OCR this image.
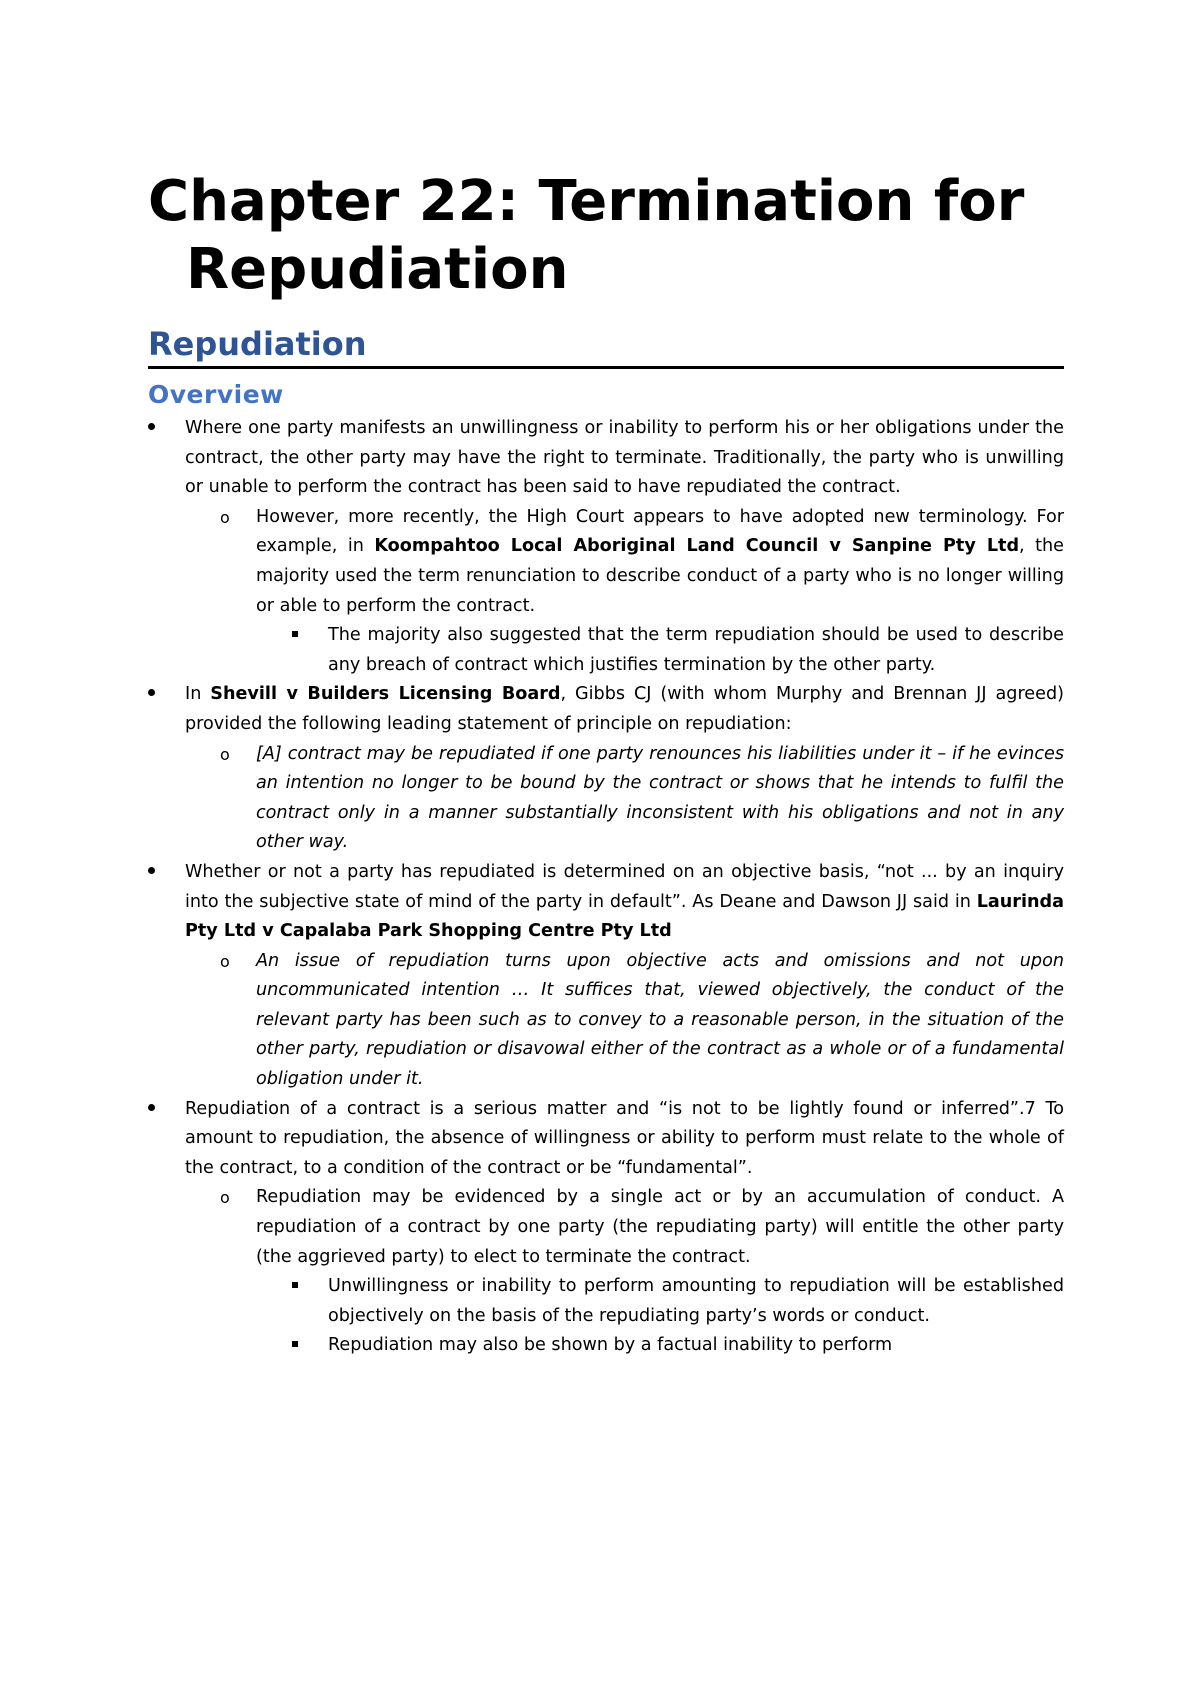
Chapter 22: Termination for Repudiation
Repudiation
Overview
Where one party manifests an unwillingness or inability to perform his or her obligations under the contract, the other party may have the right to terminate. Traditionally, the party who is unwilling or unable to perform the contract has been said to have repudiated the contract.
o	However, more recently, the High Court appears to have adopted new terminology. For example, in Koompahtoo Local Aboriginal Land Council v Sanpine Pty Ltd, the majority used the term renunciation to describe conduct of a party who is no longer willing or able to perform the contract.
The majority also suggested that the term repudiation should be used to describe any breach of contract which justifies termination by the other party.
In Shevill v Builders Licensing Board, Gibbs CJ (with whom Murphy and Brennan JJ agreed) provided the following leading statement of principle on repudiation:
o	[A] contract may be repudiated if one party renounces his liabilities under it – if he evinces an intention no longer to be bound by the contract or shows that he intends to fulfil the contract only in a manner substantially inconsistent with his obligations and not in any other way.
Whether or not a party has repudiated is determined on an objective basis, “not ... by an inquiry into the subjective state of mind of the party in default”. As Deane and Dawson JJ said in Laurinda Pty Ltd v Capalaba Park Shopping Centre Pty Ltd
o	An issue of repudiation turns upon objective acts and omissions and not upon uncommunicated intention … It suffices that, viewed objectively, the conduct of the relevant party has been such as to convey to a reasonable person, in the situation of the other party, repudiation or disavowal either of the contract as a whole or of a fundamental obligation under it.
Repudiation of a contract is a serious matter and “is not to be lightly found or inferred”.7 To amount to repudiation, the absence of willingness or ability to perform must relate to the whole of the contract, to a condition of the contract or be “fundamental”.
o	Repudiation may be evidenced by a single act or by an accumulation of conduct. A repudiation of a contract by one party (the repudiating party) will entitle the other party (the aggrieved party) to elect to terminate the contract.
Unwillingness or inability to perform amounting to repudiation will be established objectively on the basis of the repudiating party’s words or conduct.
Repudiation may also be shown by a factual inability to perform
